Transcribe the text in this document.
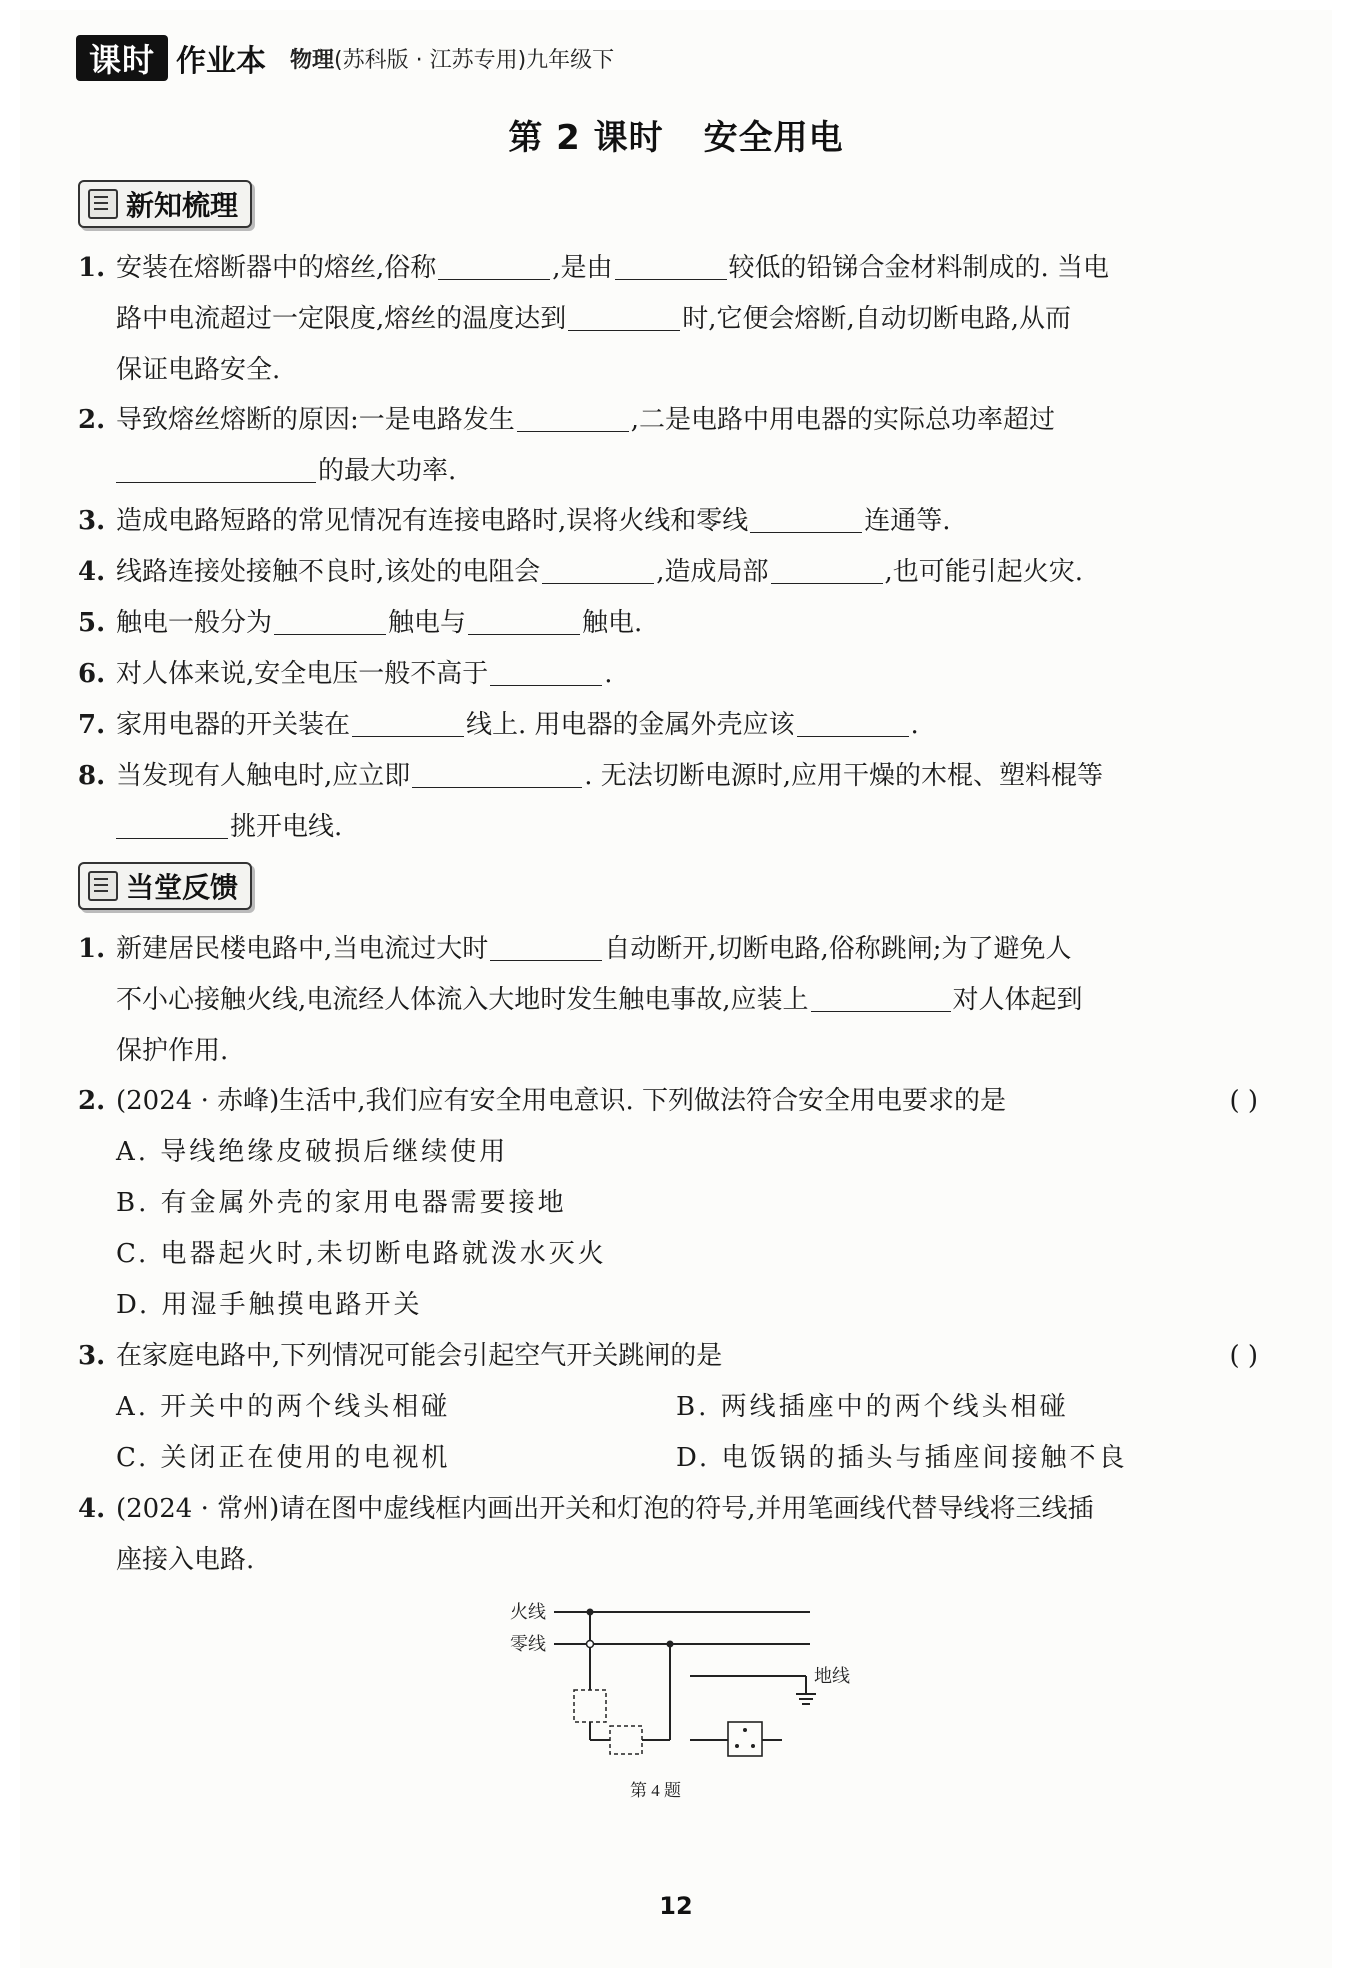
课时 作业本 物理(苏科版 · 江苏专用)九年级下
第 2 课时 安全用电
新知梳理
1. 安装在熔断器中的熔丝,俗称	,是由	较低的铅锑合金材料制成的. 当电
路中电流超过一定限度,熔丝的温度达到	时,它便会熔断,自动切断电路,从而
保证电路安全.
2. 导致熔丝熔断的原因:一是电路发生	,二是电路中用电器的实际总功率超过
的最大功率.
3. 造成电路短路的常见情况有连接电路时,误将火线和零线	连通等.
4. 线路连接处接触不良时,该处的电阻会	,造成局部	,也可能引起火灾.
5. 触电一般分为	触电与	触电.
6. 对人体来说,安全电压一般不高于	.
7. 家用电器的开关装在	线上. 用电器的金属外壳应该	.
8. 当发现有人触电时,应立即	. 无法切断电源时,应用干燥的木棍、塑料棍等
挑开电线.
当堂反馈
1. 新建居民楼电路中,当电流过大时	自动断开,切断电路,俗称跳闸;为了避免人
不小心接触火线,电流经人体流入大地时发生触电事故,应装上	对人体起到
保护作用.
2. (2024 · 赤峰)生活中,我们应有安全用电意识. 下列做法符合安全用电要求的是	( )
A. 导线绝缘皮破损后继续使用
B. 有金属外壳的家用电器需要接地
C. 电器起火时,未切断电路就泼水灭火
D. 用湿手触摸电路开关
3. 在家庭电路中,下列情况可能会引起空气开关跳闸的是	( )
A. 开关中的两个线头相碰	B. 两线插座中的两个线头相碰
C. 关闭正在使用的电视机	D. 电饭锅的插头与插座间接触不良
4. (2024 · 常州)请在图中虚线框内画出开关和灯泡的符号,并用笔画线代替导线将三线插
座接入电路.
火线
零线
地线
第 4 题
12
